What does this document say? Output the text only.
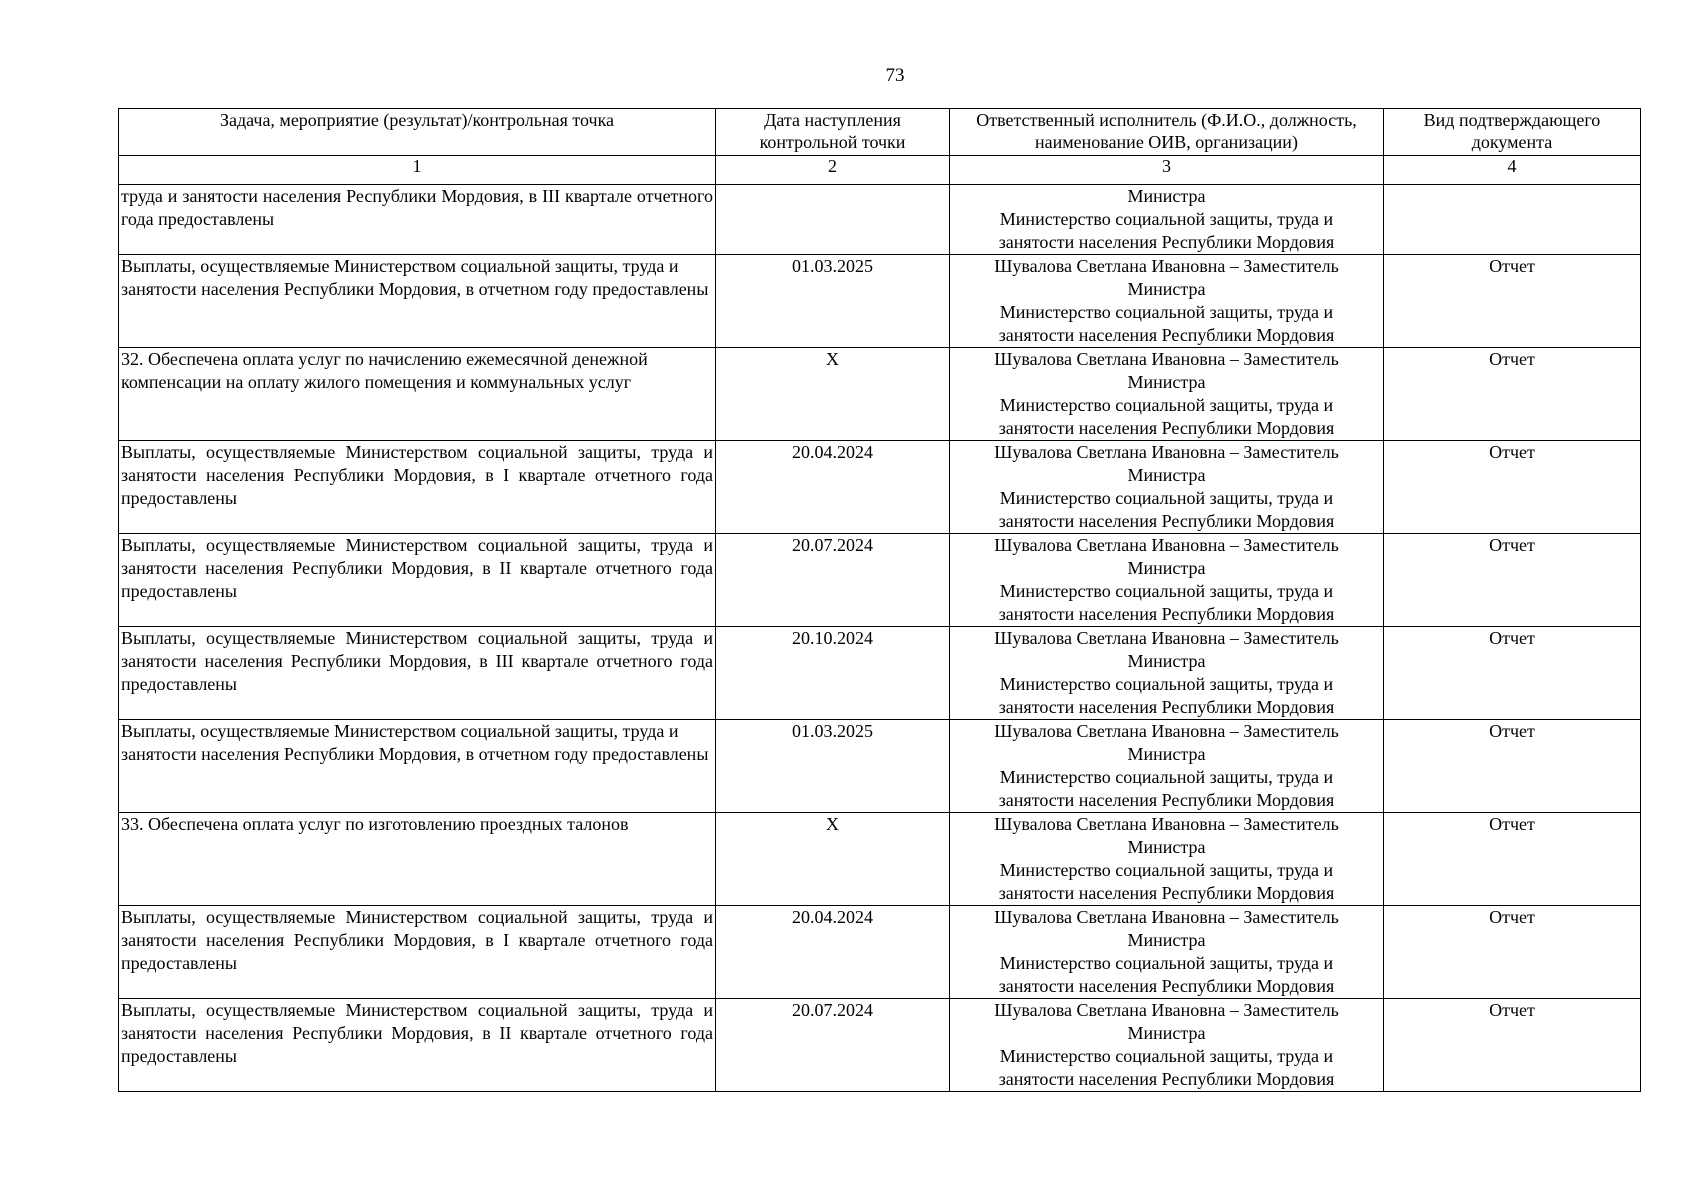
73
Задача, мероприятие (результат)/контрольная точка	Дата наступления контрольной точки	Ответственный исполнитель (Ф.И.О., должность, наименование ОИВ, организации)	Вид подтверждающего документа
1	2	3	4
труда и занятости населения Республики Мордовия, в III квартале отчетного года предоставлены		Министра
Министерство социальной защиты, труда и
занятости населения Республики Мордовия	

Выплаты, осуществляемые Министерством социальной защиты, труда и занятости населения Республики Мордовия, в отчетном году предоставлены	01.03.2025	Шувалова Светлана Ивановна – Заместитель
Министра
Министерство социальной защиты, труда и
занятости населения Республики Мордовия	Отчет
32. Обеспечена оплата услуг по начислению ежемесячной денежной компенсации на оплату жилого помещения и коммунальных услуг	X	Шувалова Светлана Ивановна – Заместитель
Министра
Министерство социальной защиты, труда и
занятости населения Республики Мордовия	Отчет
Выплаты, осуществляемые Министерством социальной защиты, труда и занятости населения Республики Мордовия, в I квартале отчетного года предоставлены	20.04.2024	Шувалова Светлана Ивановна – Заместитель
Министра
Министерство социальной защиты, труда и
занятости населения Республики Мордовия	Отчет
Выплаты, осуществляемые Министерством социальной защиты, труда и занятости населения Республики Мордовия, в II квартале отчетного года предоставлены	20.07.2024	Шувалова Светлана Ивановна – Заместитель
Министра
Министерство социальной защиты, труда и
занятости населения Республики Мордовия	Отчет
Выплаты, осуществляемые Министерством социальной защиты, труда и занятости населения Республики Мордовия, в III квартале отчетного года предоставлены	20.10.2024	Шувалова Светлана Ивановна – Заместитель
Министра
Министерство социальной защиты, труда и
занятости населения Республики Мордовия	Отчет
Выплаты, осуществляемые Министерством социальной защиты, труда и занятости населения Республики Мордовия, в отчетном году предоставлены	01.03.2025	Шувалова Светлана Ивановна – Заместитель
Министра
Министерство социальной защиты, труда и
занятости населения Республики Мордовия	Отчет
33. Обеспечена оплата услуг по изготовлению проездных талонов	X	Шувалова Светлана Ивановна – Заместитель
Министра
Министерство социальной защиты, труда и
занятости населения Республики Мордовия	Отчет
Выплаты, осуществляемые Министерством социальной защиты, труда и занятости населения Республики Мордовия, в I квартале отчетного года предоставлены	20.04.2024	Шувалова Светлана Ивановна – Заместитель
Министра
Министерство социальной защиты, труда и
занятости населения Республики Мордовия	Отчет
Выплаты, осуществляемые Министерством социальной защиты, труда и занятости населения Республики Мордовия, в II квартале отчетного года предоставлены	20.07.2024	Шувалова Светлана Ивановна – Заместитель
Министра
Министерство социальной защиты, труда и
занятости населения Республики Мордовия	Отчет
